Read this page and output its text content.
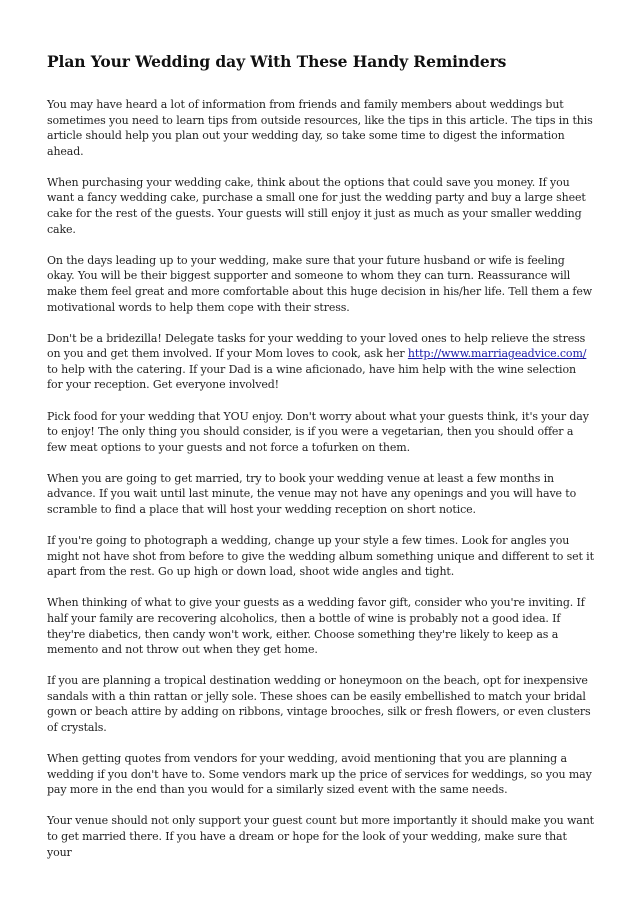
Plan Your Wedding day With These Handy Reminders

You may have heard a lot of information from friends and family members about weddings but sometimes you need to learn tips from outside resources, like the tips in this article. The tips in this article should help you plan out your wedding day, so take some time to digest the information ahead.

When purchasing your wedding cake, think about the options that could save you money. If you want a fancy wedding cake, purchase a small one for just the wedding party and buy a large sheet cake for the rest of the guests. Your guests will still enjoy it just as much as your smaller wedding cake.

On the days leading up to your wedding, make sure that your future husband or wife is feeling okay. You will be their biggest supporter and someone to whom they can turn. Reassurance will make them feel great and more comfortable about this huge decision in his/her life. Tell them a few motivational words to help them cope with their stress.

Don't be a bridezilla! Delegate tasks for your wedding to your loved ones to help relieve the stress on you and get them involved. If your Mom loves to cook, ask her http://www.marriageadvice.com/ to help with the catering. If your Dad is a wine aficionado, have him help with the wine selection for your reception. Get everyone involved!

Pick food for your wedding that YOU enjoy. Don't worry about what your guests think, it's your day to enjoy! The only thing you should consider, is if you were a vegetarian, then you should offer a few meat options to your guests and not force a tofurken on them.

When you are going to get married, try to book your wedding venue at least a few months in advance. If you wait until last minute, the venue may not have any openings and you will have to scramble to find a place that will host your wedding reception on short notice.

If you're going to photograph a wedding, change up your style a few times. Look for angles you might not have shot from before to give the wedding album something unique and different to set it apart from the rest. Go up high or down load, shoot wide angles and tight.

When thinking of what to give your guests as a wedding favor gift, consider who you're inviting. If half your family are recovering alcoholics, then a bottle of wine is probably not a good idea. If they're diabetics, then candy won't work, either. Choose something they're likely to keep as a memento and not throw out when they get home.

If you are planning a tropical destination wedding or honeymoon on the beach, opt for inexpensive sandals with a thin rattan or jelly sole. These shoes can be easily embellished to match your bridal gown or beach attire by adding on ribbons, vintage brooches, silk or fresh flowers, or even clusters of crystals.

When getting quotes from vendors for your wedding, avoid mentioning that you are planning a wedding if you don't have to. Some vendors mark up the price of services for weddings, so you may pay more in the end than you would for a similarly sized event with the same needs.

Your venue should not only support your guest count but more importantly it should make you want to get married there. If you have a dream or hope for the look of your wedding, make sure that your
